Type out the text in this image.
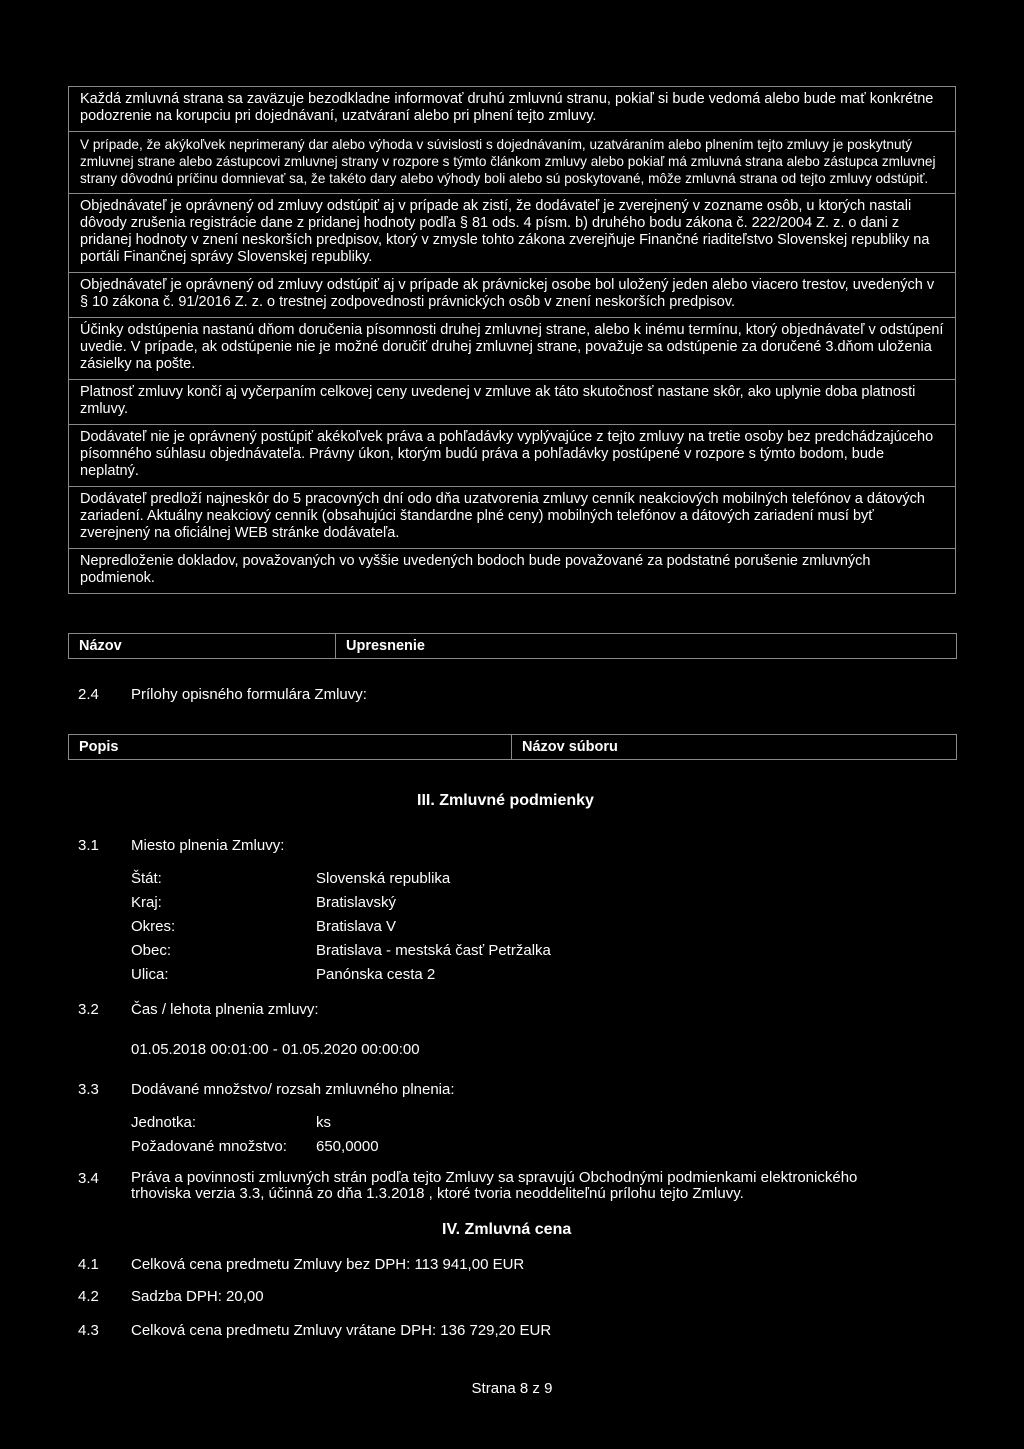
Každá zmluvná strana sa zaväzuje bezodkladne informovať druhú zmluvnú stranu, pokiaľ si bude vedomá alebo bude mať konkrétne podozrenie na korupciu pri dojednávaní, uzatváraní alebo pri plnení tejto zmluvy.
V prípade, že akýkoľvek neprimeraný dar alebo výhoda v súvislosti s dojednávaním, uzatváraním alebo plnením tejto zmluvy je poskytnutý zmluvnej strane alebo zástupcovi zmluvnej strany v rozpore s týmto článkom zmluvy alebo pokiaľ má zmluvná strana alebo zástupca zmluvnej strany dôvodnú príčinu domnievať sa, že takéto dary alebo výhody boli alebo sú poskytované, môže zmluvná strana od tejto zmluvy odstúpiť.
Objednávateľ je oprávnený od zmluvy odstúpiť aj v prípade ak zistí, že dodávateľ je zverejnený v zozname osôb, u ktorých nastali dôvody zrušenia registrácie dane z pridanej hodnoty podľa § 81 ods. 4 písm. b) druhého bodu zákona č. 222/2004 Z. z. o dani z pridanej hodnoty v znení neskorších predpisov, ktorý v zmysle tohto zákona zverejňuje Finančné riaditeľstvo Slovenskej republiky na portáli Finančnej správy Slovenskej republiky.
Objednávateľ je oprávnený od zmluvy odstúpiť aj v prípade ak právnickej osobe bol uložený jeden alebo viacero trestov, uvedených v § 10 zákona č. 91/2016 Z. z. o trestnej zodpovednosti právnických osôb v znení neskorších predpisov.
Účinky odstúpenia nastanú dňom doručenia písomnosti druhej zmluvnej strane, alebo k inému termínu, ktorý objednávateľ v odstúpení uvedie. V prípade, ak odstúpenie nie je možné doručiť druhej zmluvnej strane, považuje sa odstúpenie za doručené 3.dňom uloženia zásielky na pošte.
Platnosť zmluvy končí aj vyčerpaním celkovej ceny uvedenej v zmluve ak táto skutočnosť nastane skôr, ako uplynie doba platnosti zmluvy.
Dodávateľ nie je oprávnený postúpiť akékoľvek práva a pohľadávky vyplývajúce z tejto zmluvy na tretie osoby bez predchádzajúceho písomného súhlasu objednávateľa. Právny úkon, ktorým budú práva a pohľadávky postúpené v rozpore s týmto bodom, bude neplatný.
Dodávateľ predloží najneskôr do 5 pracovných dní odo dňa uzatvorenia zmluvy cenník neakciových mobilných telefónov a dátových zariadení. Aktuálny neakciový cenník (obsahujúci štandardne plné ceny) mobilných telefónov a dátových zariadení musí byť zverejnený na oficiálnej WEB stránke dodávateľa.
Nepredloženie dokladov, považovaných vo vyššie uvedených bodoch bude považované za podstatné porušenie zmluvných podmienok.
Názov	Upresnenie
2.4 Prílohy opisného formulára Zmluvy:
Popis	Názov súboru
III. Zmluvné podmienky
3.1 Miesto plnenia Zmluvy:
Štát:	Slovenská republika
Kraj:	Bratislavský
Okres:	Bratislava V
Obec:	Bratislava - mestská časť Petržalka
Ulica:	Panónska cesta 2
3.2 Čas / lehota plnenia zmluvy:
01.05.2018 00:01:00 - 01.05.2020 00:00:00
3.3 Dodávané množstvo/ rozsah zmluvného plnenia:
Jednotka:	ks
Požadované množstvo: 650,0000
3.4 Práva a povinnosti zmluvných strán podľa tejto Zmluvy sa spravujú Obchodnými podmienkami elektronického trhoviska verzia 3.3, účinná zo dňa 1.3.2018 , ktoré tvoria neoddeliteľnú prílohu tejto Zmluvy.
IV. Zmluvná cena
4.1 Celková cena predmetu Zmluvy bez DPH: 113 941,00 EUR
4.2 Sadzba DPH: 20,00
4.3 Celková cena predmetu Zmluvy vrátane DPH: 136 729,20 EUR
Strana 8 z 9
